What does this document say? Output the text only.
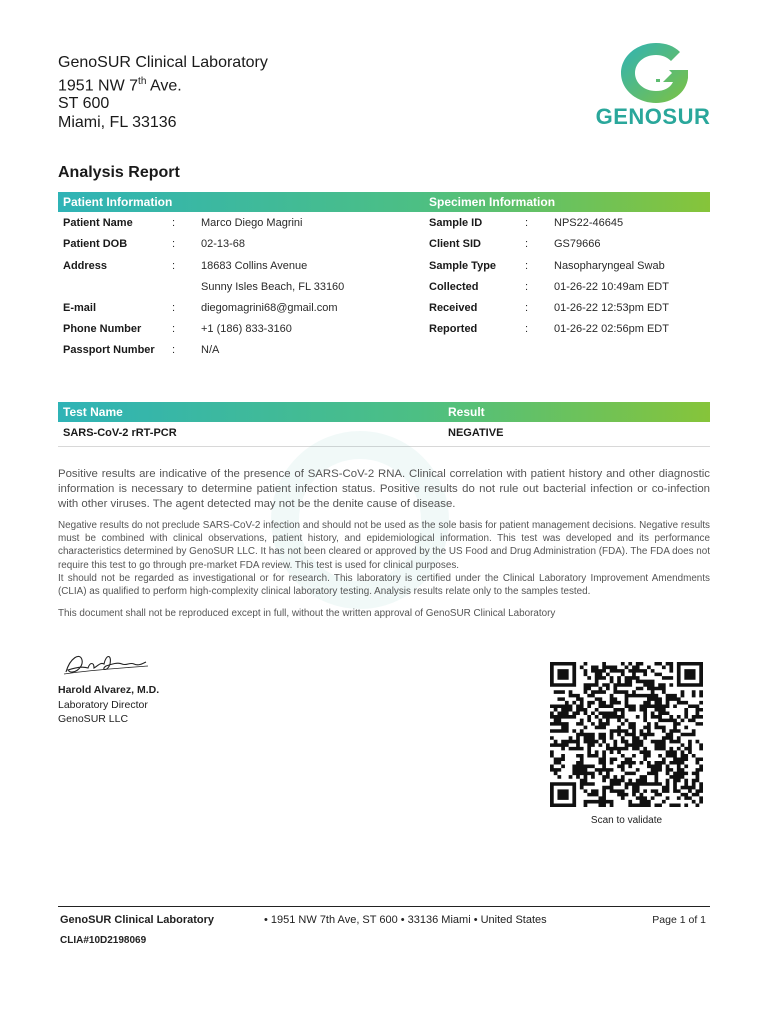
GenoSUR Clinical Laboratory
1951 NW 7th Ave.
ST 600
Miami, FL 33136	GENOSUR
Analysis Report
Patient Information	Specimen Information
Patient Name	: Marco Diego Magrini
Patient DOB	: 02-13-68
Address	: 18683 Collins Avenue
Sunny Isles Beach, FL 33160
E-mail	: diegomagrini68@gmail.com
Phone Number	: +1 (186) 833-3160
Passport Number : N/A
Sample ID	: NPS22-46645
Client SID	: GS79666
Sample Type	: Nasopharyngeal Swab
Collected	: 01-26-22 10:49am EDT
Received	: 01-26-22 12:53pm EDT
Reported	: 01-26-22 02:56pm EDT
Test Name	Result
SARS-CoV-2 rRT-PCR	NEGATIVE
Positive results are indicative of the presence of SARS-CoV-2 RNA. Clinical correlation with patient history and other diagnostic information is necessary to determine patient infection status. Positive results do not rule out bacterial infection or co-infection with other viruses. The agent detected may not be the denite cause of disease.
Negative results do not preclude SARS-CoV-2 infection and should not be used as the sole basis for patient management decisions. Negative results must be combined with clinical observations, patient history, and epidemiological information. This test was developed and its performance characteristics determined by GenoSUR LLC. It has not been cleared or approved by the US Food and Drug Administration (FDA). The FDA does not require this test to go through pre-market FDA review. This test is used for clinical purposes.
It should not be regarded as investigational or for research. This laboratory is certified under the Clinical Laboratory Improvement Amendments (CLIA) as qualified to perform high-complexity clinical laboratory testing. Analysis results relate only to the samples tested.
This document shall not be reproduced except in full, without the written approval of GenoSUR Clinical Laboratory
Harold Alvarez, M.D.
Laboratory Director
GenoSUR LLC
Scan to validate
GenoSUR Clinical Laboratory
CLIA#10D2198069
• 1951 NW 7th Ave, ST 600 • 33136 Miami • United States	Page 1 of 1
